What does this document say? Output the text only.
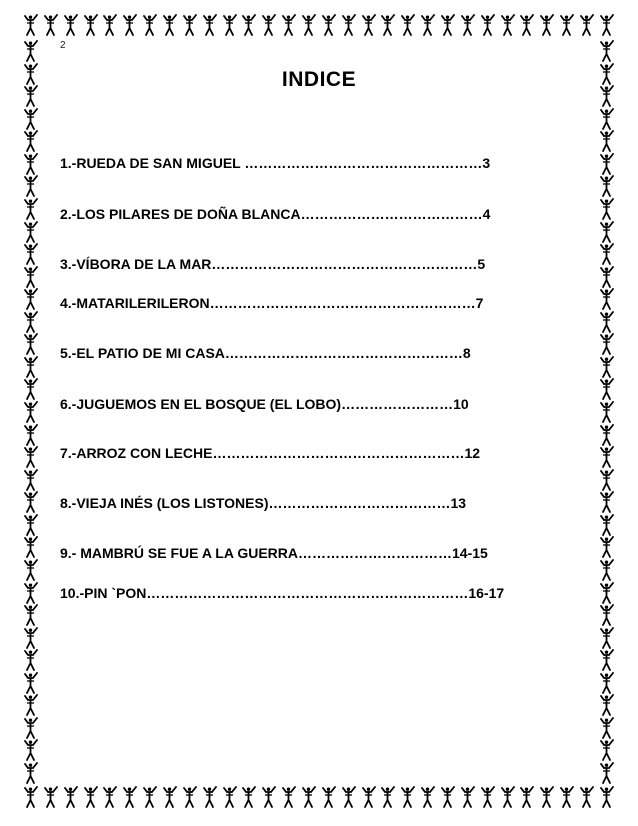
2
INDICE
1.-RUEDA DE SAN MIGUEL ……………………………………………3
2.-LOS PILARES DE DOÑA BLANCA…………………………………4
3.-VÍBORA DE LA MAR…………………………………………………5
4.-MATARILERILERON…………………………………………………7
5.-EL PATIO DE MI CASA……………………………………………8
6.-JUGUEMOS EN EL BOSQUE (EL LOBO)……………………10
7.-ARROZ CON LECHE………………………………………………12
8.-VIEJA INÉS (LOS LISTONES)…………………………………13
9.- MAMBRÚ SE FUE A LA GUERRA……………………………14-15
10.-PIN `PON……………………………………………………………16-17
